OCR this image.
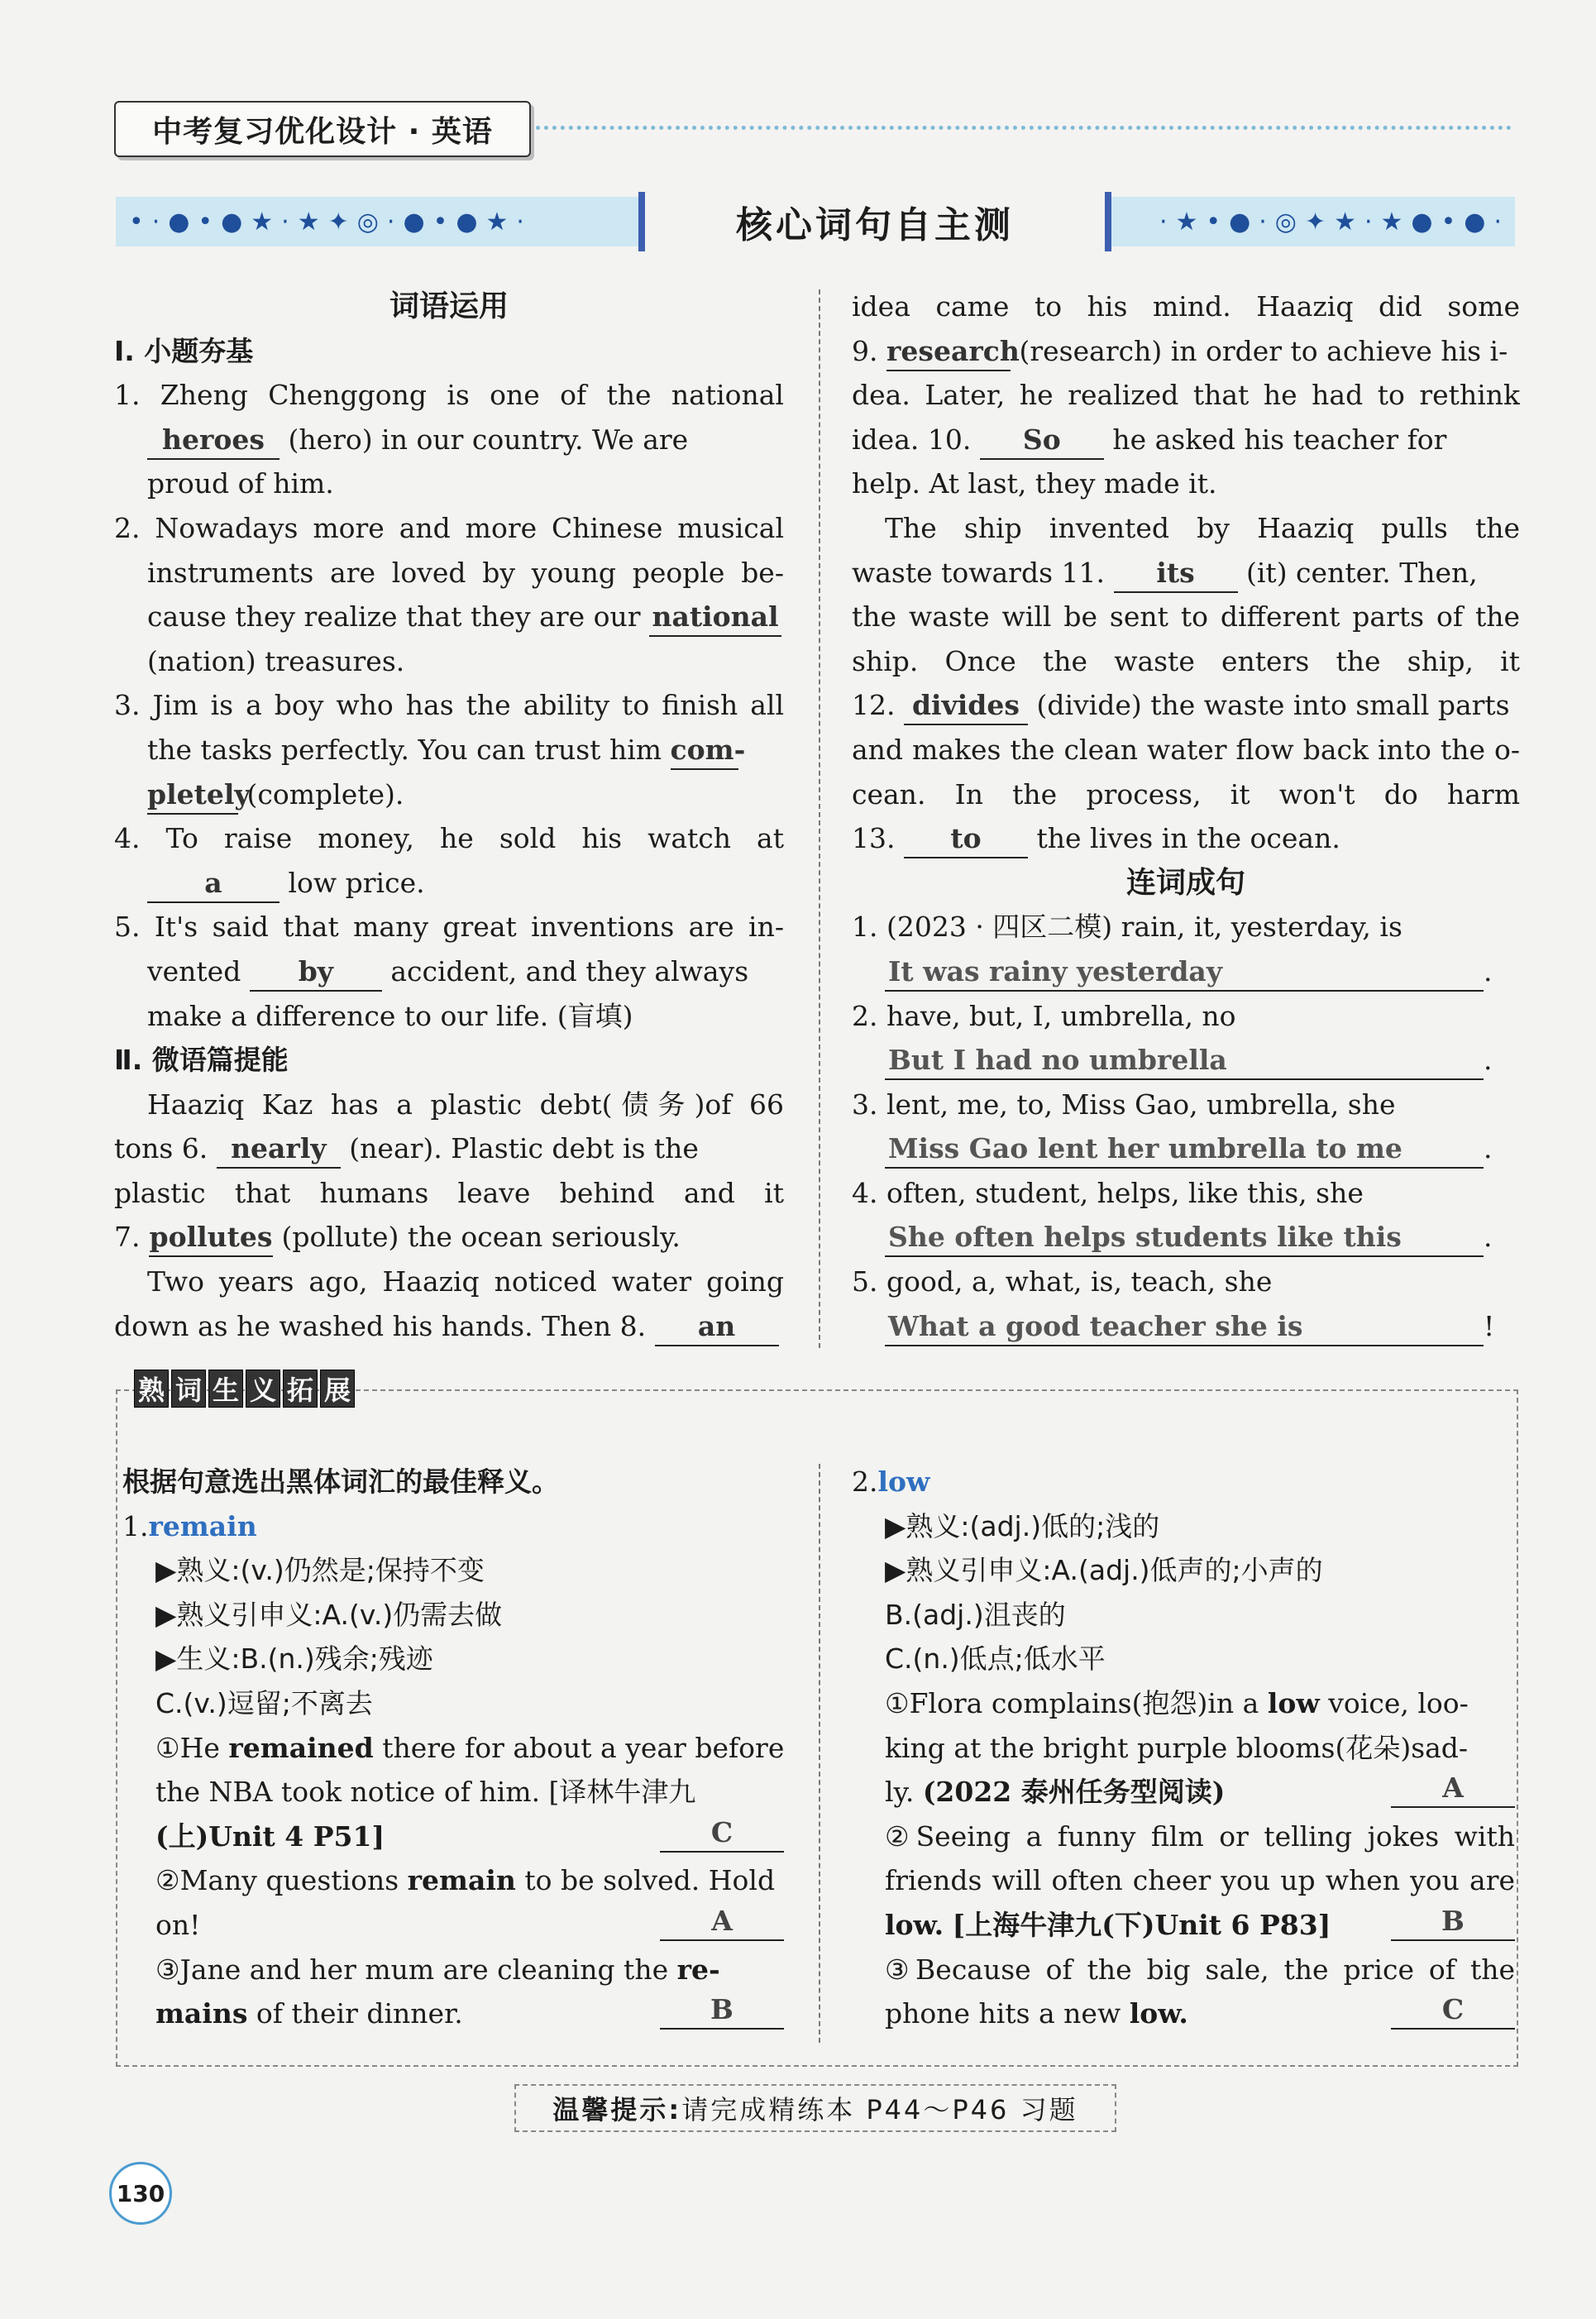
中考复习优化设计 · 英语
•·●•●★·★✦◎·●•●★·	核心词句自主测	·★•●·◎✦★·★●•●·
词语运用
Ⅰ. 小题夯基
1. Zheng Chenggong is one of the national
heroes (hero) in our country. We are
proud of him.
2. Nowadays more and more Chinese musical
instruments are loved by young people be-
cause they realize that they are our national
(nation) treasures.
3. Jim is a boy who has the ability to finish all
the tasks perfectly. You can trust him com-
pletely (complete).
4. To raise money, he sold his watch at
a low price.
5. It's said that many great inventions are in-
vented by accident, and they always
make a difference to our life. (盲填)
Ⅱ. 微语篇提能
Haaziq Kaz has a plastic debt(债务)of 66
tons 6. nearly (near). Plastic debt is the
plastic that humans leave behind and it
7. pollutes (pollute) the ocean seriously.
Two years ago, Haaziq noticed water going
down as he washed his hands. Then 8. an
idea came to his mind. Haaziq did some
9. research (research) in order to achieve his i-
dea. Later, he realized that he had to rethink
idea. 10. So he asked his teacher for
help. At last, they made it.
The ship invented by Haaziq pulls the
waste towards 11. its (it) center. Then,
the waste will be sent to different parts of the
ship. Once the waste enters the ship, it
12. divides (divide) the waste into small parts
and makes the clean water flow back into the o-
cean. In the process, it won't do harm
13. to the lives in the ocean.
连词成句
1. (2023 · 四区二模) rain, it, yesterday, is
It was rainy yesterday	.
2. have, but, I, umbrella, no
But I had no umbrella	.
3. lent, me, to, Miss Gao, umbrella, she
Miss Gao lent her umbrella to me	.
4. often, student, helps, like this, she
She often helps students like this	.
5. good, a, what, is, teach, she
What a good teacher she is	!
熟 词 生 义 拓 展
根据句意选出黑体词汇的最佳释义。
1.remain
▶熟义:(v.)仍然是;保持不变
▶熟义引申义:A.(v.)仍需去做
▶生义:B.(n.)残余;残迹
C.(v.)逗留;不离去
①He remained there for about a year before
the NBA took notice of him. [译林牛津九
(上)Unit 4 P51]	C
②Many questions remain to be solved. Hold
on!	A
③Jane and her mum are cleaning the re-
mains of their dinner.	B
2.low
▶熟义:(adj.)低的;浅的
▶熟义引申义:A.(adj.)低声的;小声的
B.(adj.)沮丧的
C.(n.)低点;低水平
①Flora complains(抱怨)in a low voice, loo-
king at the bright purple blooms(花朵)sad-
ly. (2022 泰州任务型阅读)	A
②Seeing a funny film or telling jokes with
friends will often cheer you up when you are
low. [上海牛津九(下)Unit 6 P83]	B
③Because of the big sale, the price of the
phone hits a new low.	C
温馨提示: 请完成精练本 P44～P46 习题
130
